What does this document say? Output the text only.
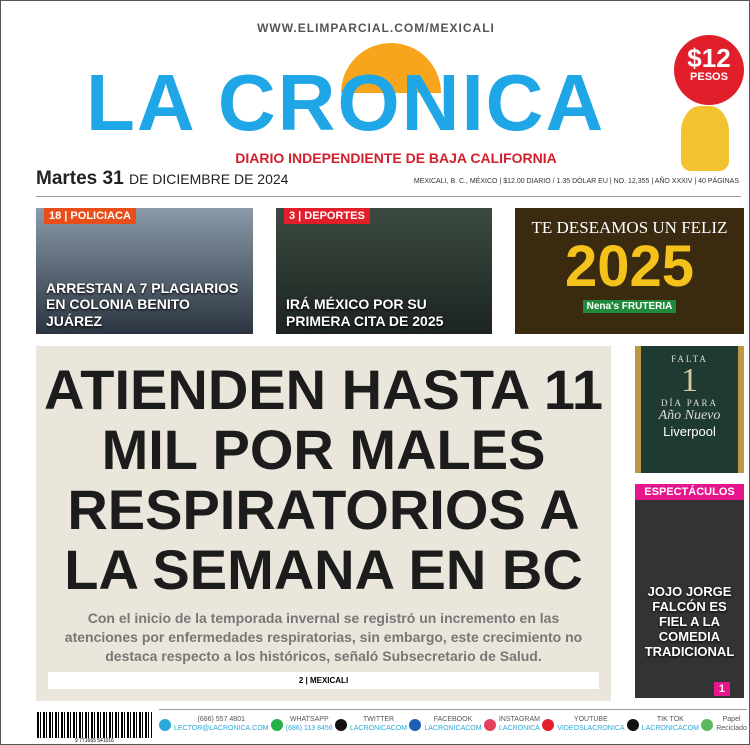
WWW.ELIMPARCIAL.COM/MEXICALI
LA CRONICA	$12
PESOS
DIARIO INDEPENDIENTE DE BAJA CALIFORNIA
Martes 31 DE DICIEMBRE DE 2024	MEXICALI, B. C., MÉXICO | $12.00 DIARIO / 1.35 DÓLAR EU | NO. 12,355 | AÑO XXXIV | 40 PÁGINAS
18 | POLICIACA
ARRESTAN A 7 PLAGIARIOS EN COLONIA BENITO JUÁREZ
3 | DEPORTES
IRÁ MÉXICO POR SU PRIMERA CITA DE 2025
TE DESEAMOS UN FELIZ
2025
Nena's FRUTERIA
ATIENDEN HASTA 11 MIL POR MALES RESPIRATORIOS A LA SEMANA EN BC
Con el inicio de la temporada invernal se registró un incremento en las atenciones por enfermedades respiratorias, sin embargo, este crecimiento no destaca respecto a los históricos, señaló Subsecretario de Salud.
2 | MEXICALI
FALTA
1
DÍA PARA
Año Nuevo
Liverpool
ESPECTÁCULOS
JOJO JORGE FALCÓN ES FIEL A LA COMEDIA TRADICIONAL
1
9 771665 541016
(686) 557 4801
LECTOR@LACRONICA.COM
WHATSAPP
(686) 113 8456
TWITTER
LACRONICACOM
FACEBOOK
LACRONICACOM
INSTAGRAM
LACRONICA
YOUTUBE
VIDEOSLACRONICA
TIK TOK
LACRONICACOM
Papel
Reciclado
